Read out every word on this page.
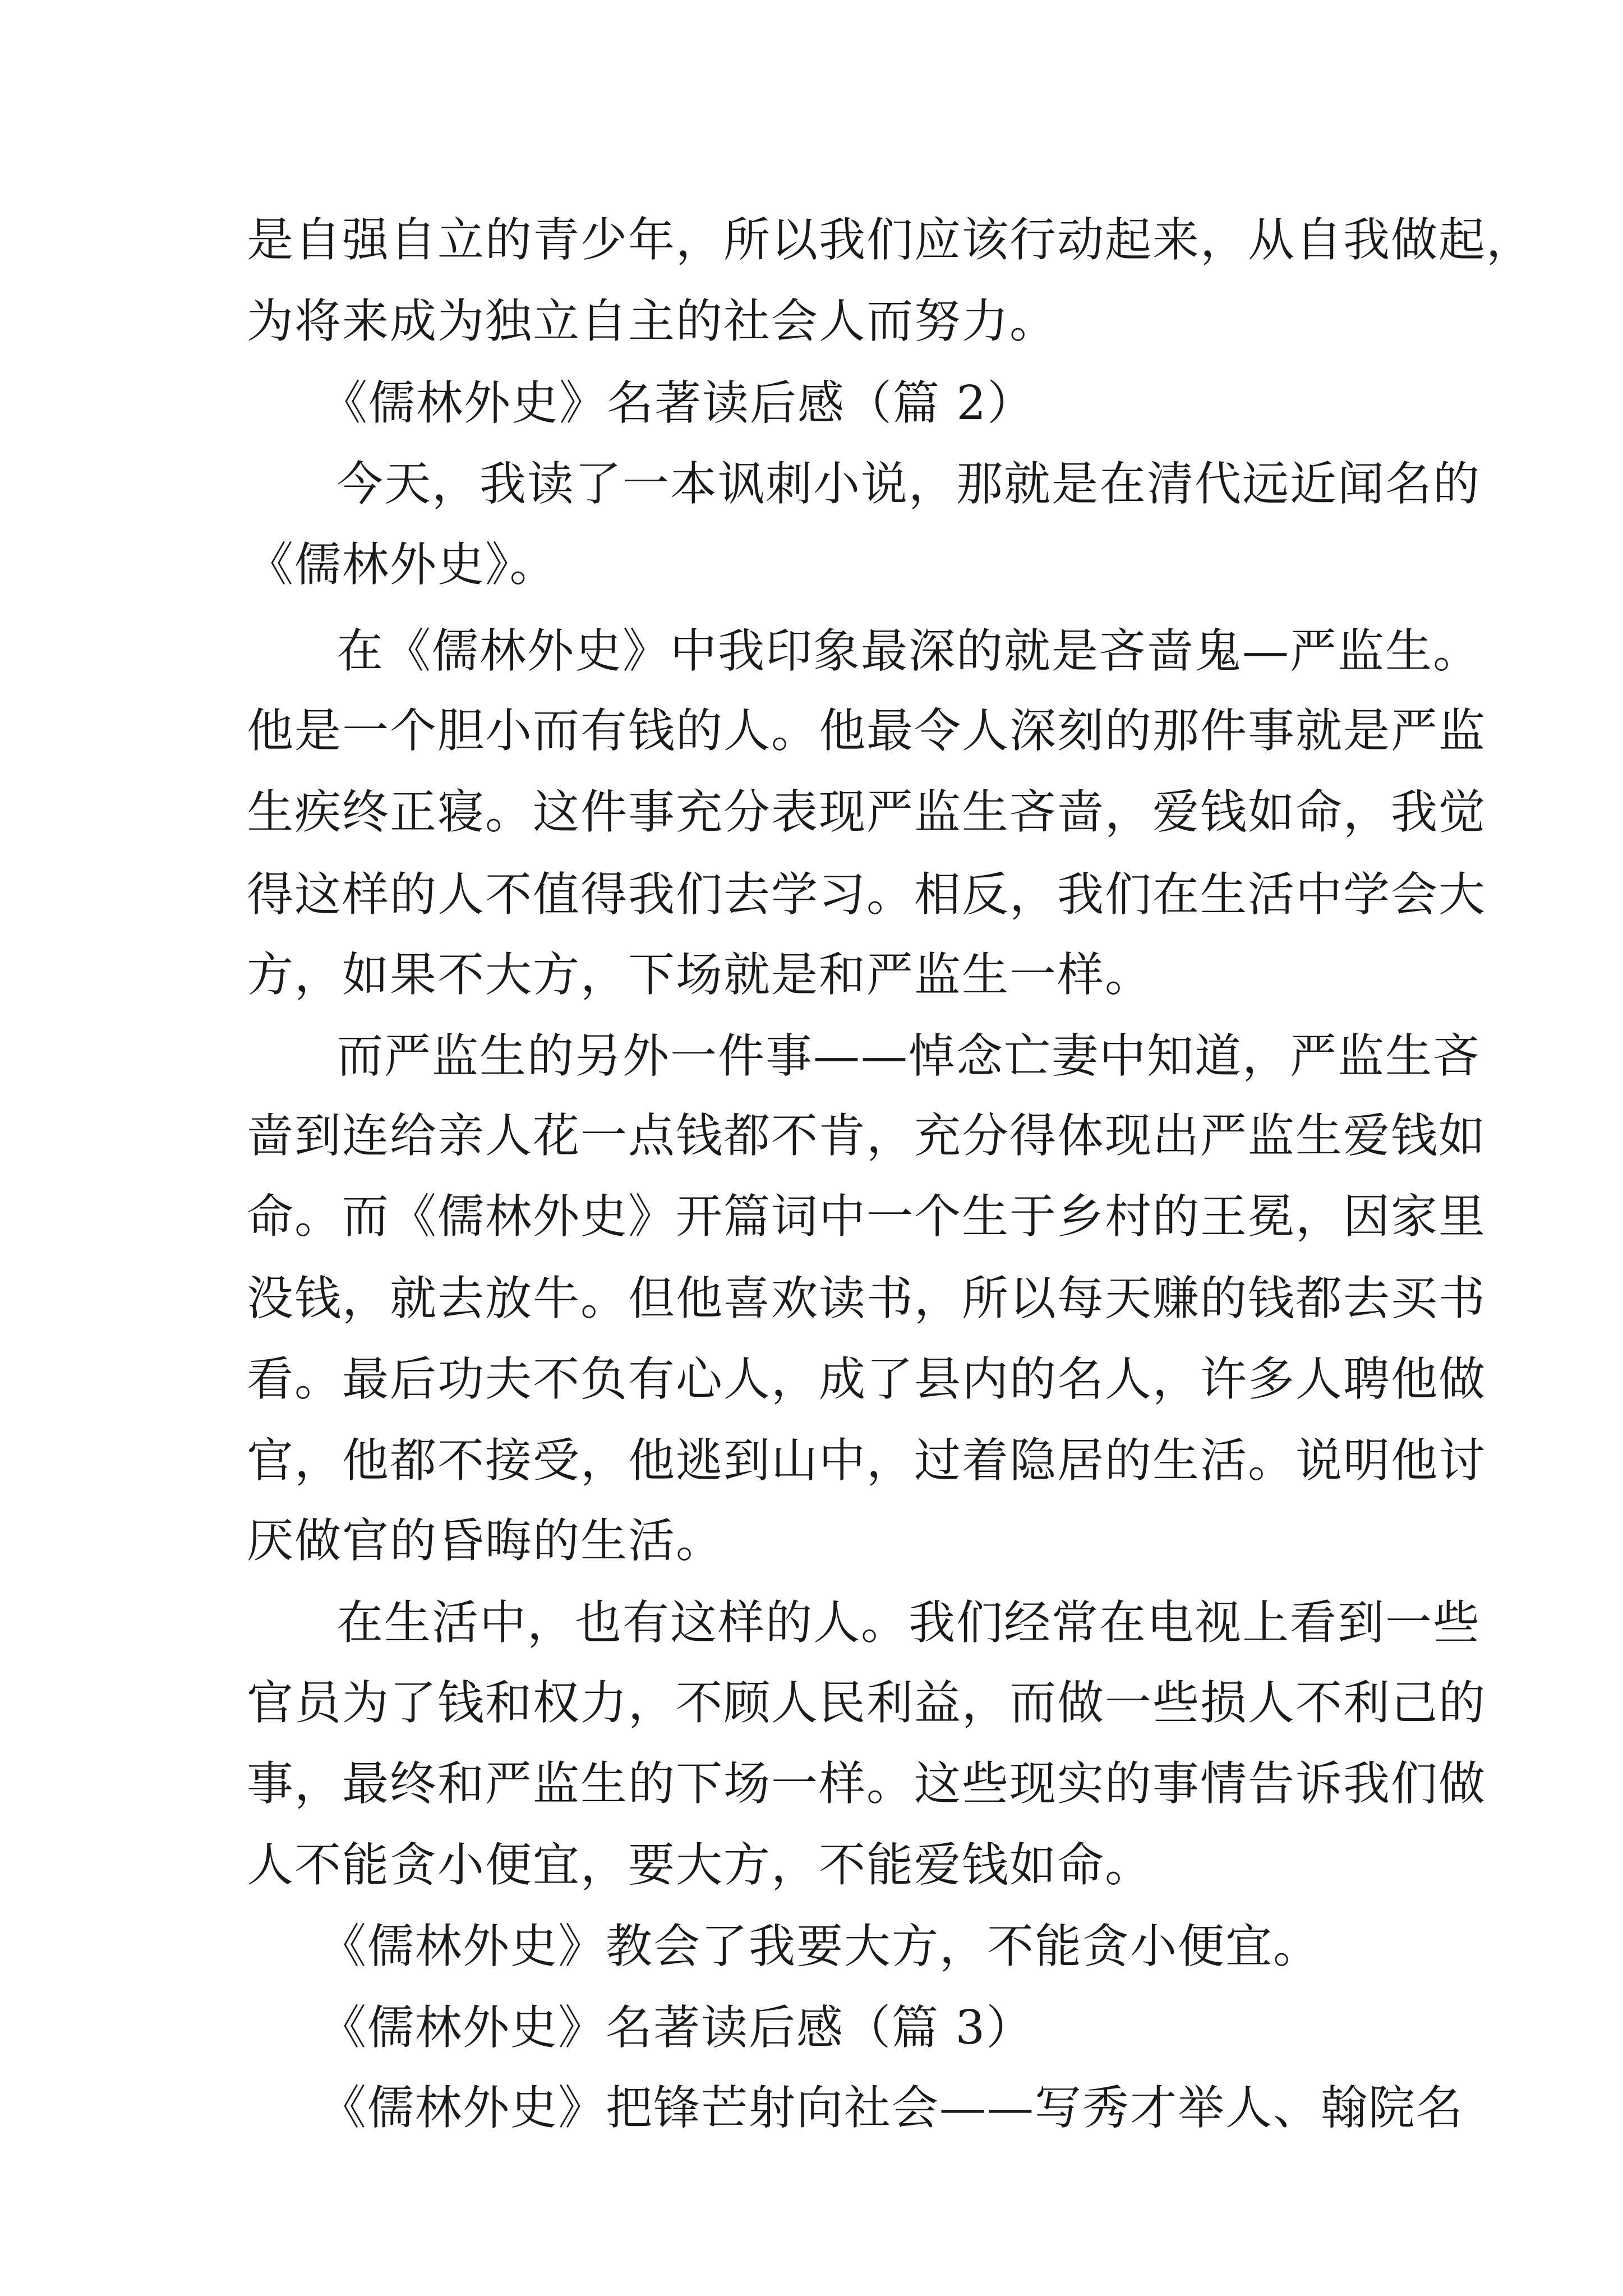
是自强自立的青少年，所以我们应该行动起来，从自我做起，
为将来成为独立自主的社会人而努力。
《儒林外史》名著读后感（篇 2）
今天，我读了一本讽刺小说，那就是在清代远近闻名的
《儒林外史》。
在《儒林外史》中我印象最深的就是吝啬鬼—严监生。
他是一个胆小而有钱的人。他最令人深刻的那件事就是严监
生疾终正寝。这件事充分表现严监生吝啬，爱钱如命，我觉
得这样的人不值得我们去学习。相反，我们在生活中学会大
方，如果不大方，下场就是和严监生一样。
而严监生的另外一件事——悼念亡妻中知道，严监生吝
啬到连给亲人花一点钱都不肯，充分得体现出严监生爱钱如
命。而《儒林外史》开篇词中一个生于乡村的王冕，因家里
没钱，就去放牛。但他喜欢读书，所以每天赚的钱都去买书
看。最后功夫不负有心人，成了县内的名人，许多人聘他做
官，他都不接受，他逃到山中，过着隐居的生活。说明他讨
厌做官的昏晦的生活。
在生活中，也有这样的人。我们经常在电视上看到一些
官员为了钱和权力，不顾人民利益，而做一些损人不利己的
事，最终和严监生的下场一样。这些现实的事情告诉我们做
人不能贪小便宜，要大方，不能爱钱如命。
《儒林外史》教会了我要大方，不能贪小便宜。
《儒林外史》名著读后感（篇 3）
《儒林外史》把锋芒射向社会——写秀才举人、翰院名
